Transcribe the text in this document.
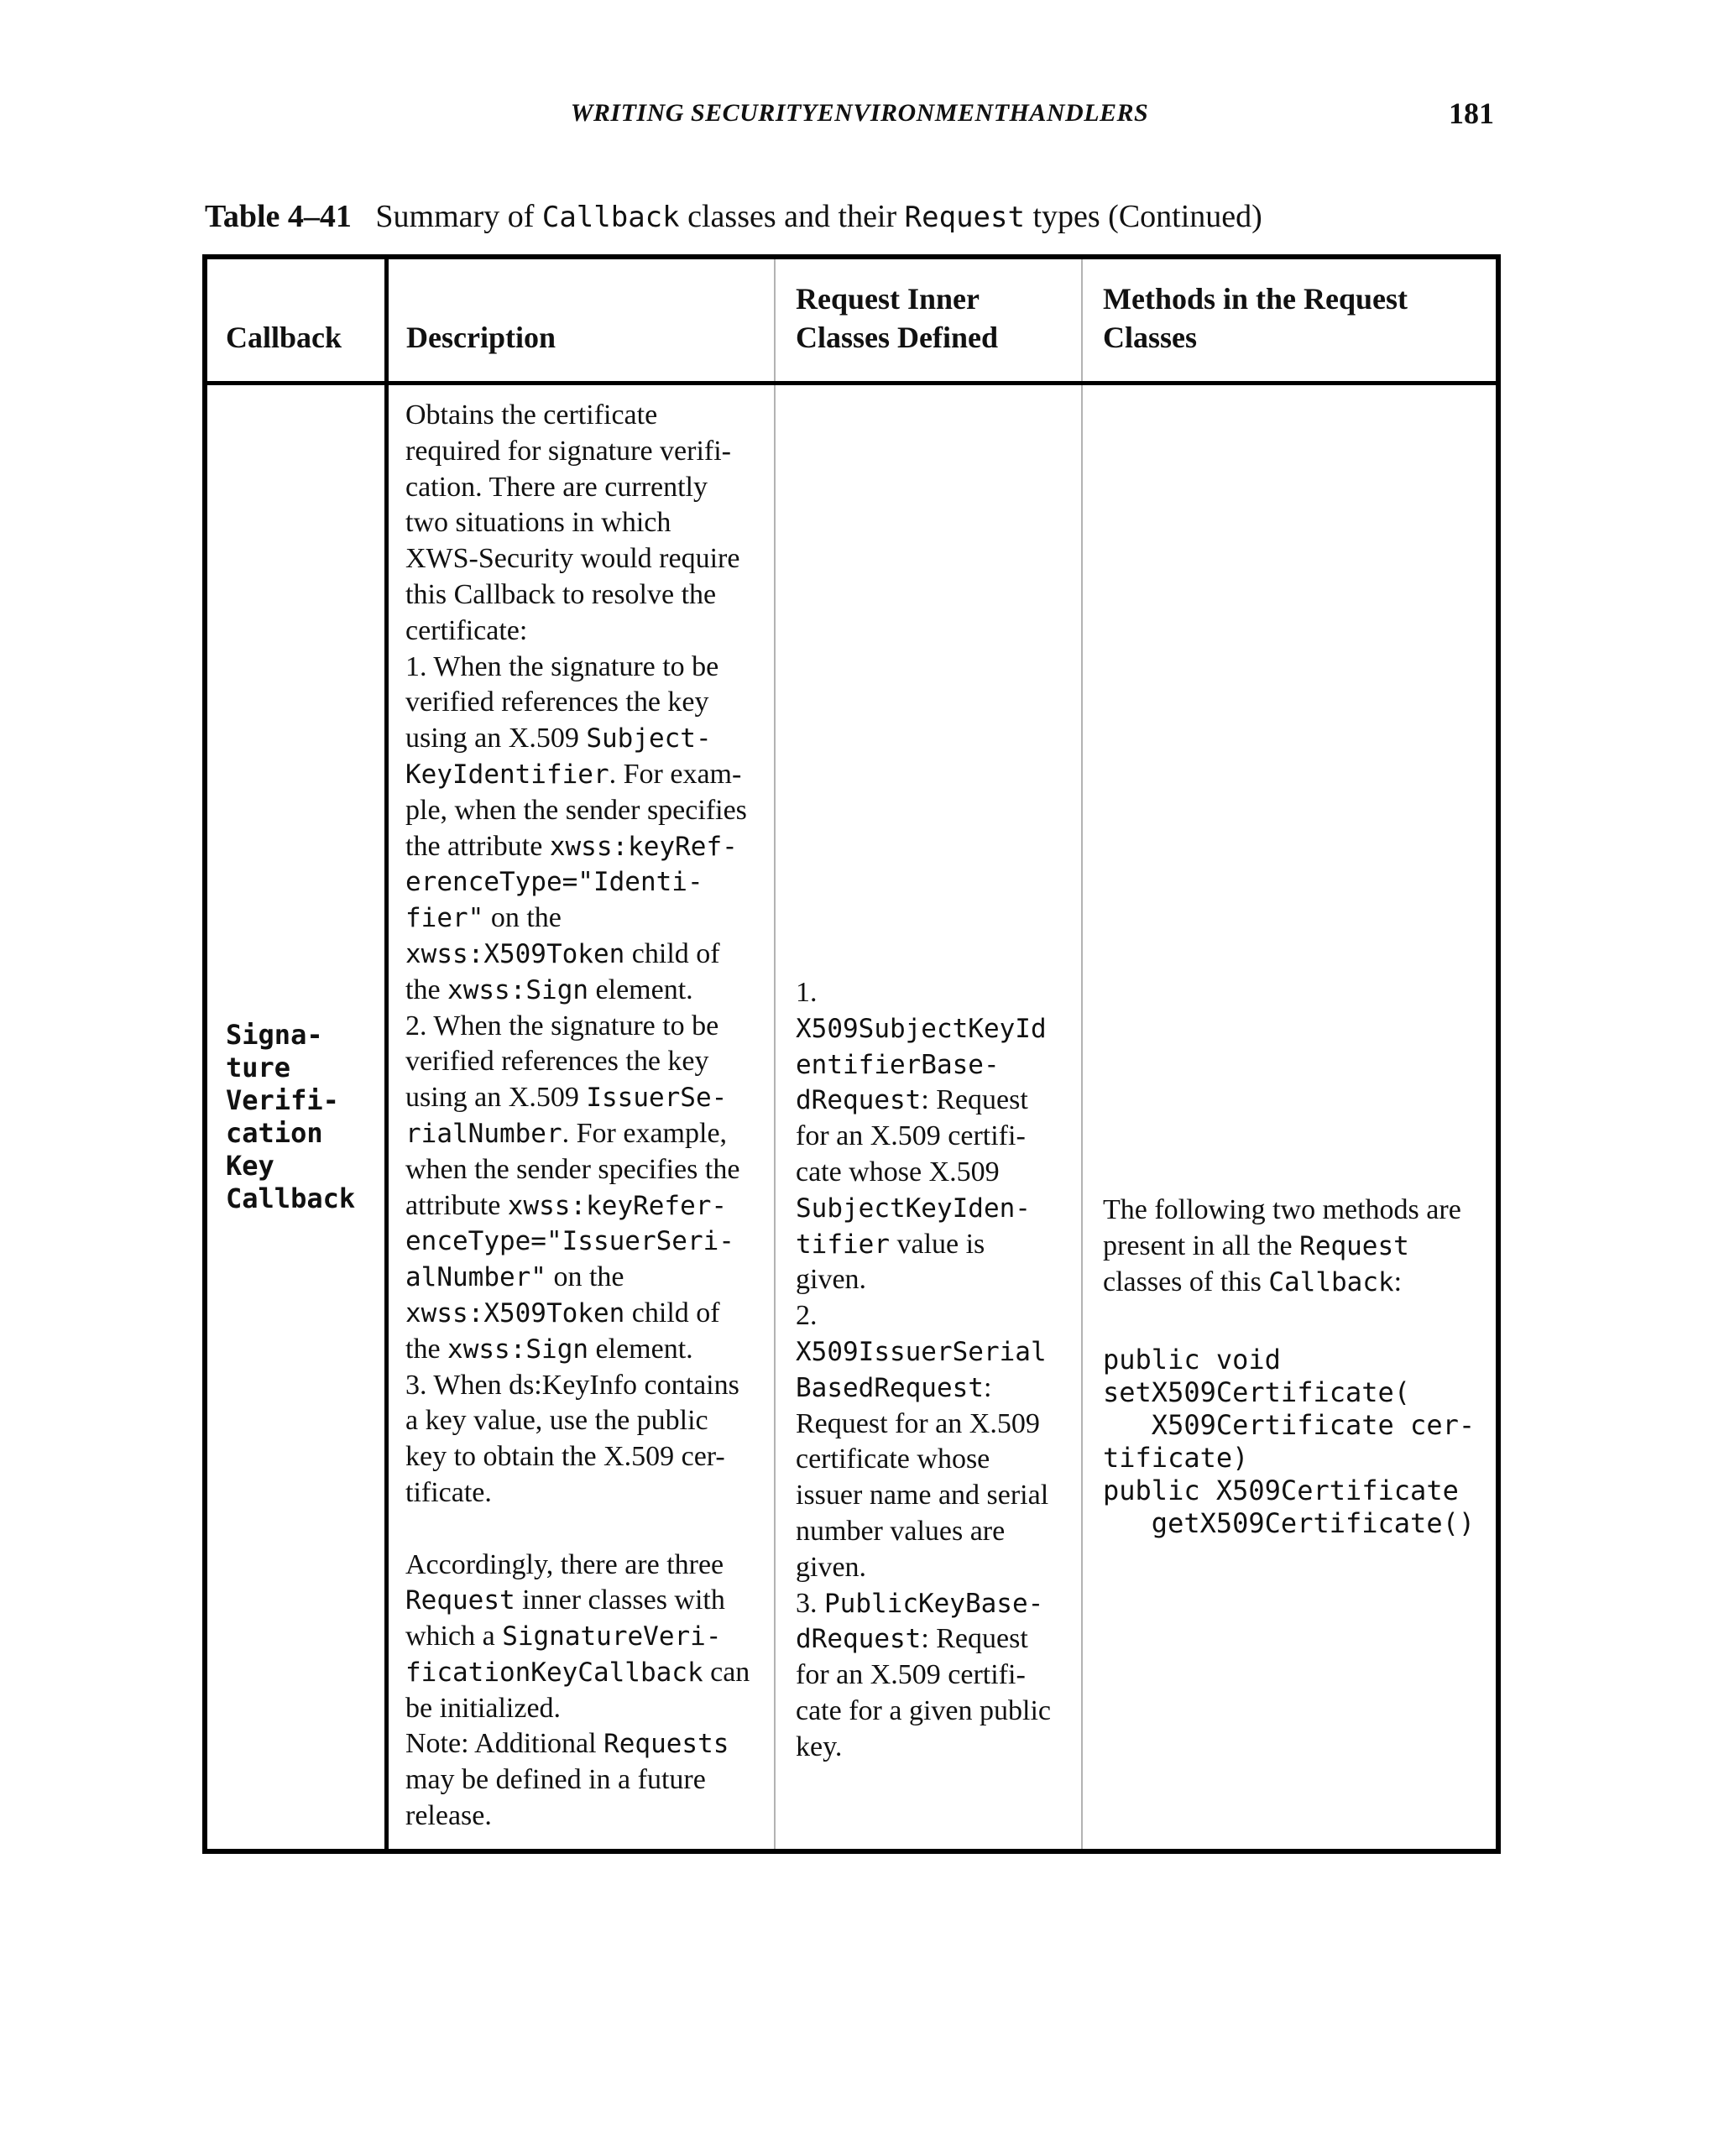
WRITING SECURITYENVIRONMENTHANDLERS	181
Table 4–41 Summary of Callback classes and their Request types (Continued)
Callback Description
Request Inner
Classes Defined
Methods in the Request
Classes
Signa-
ture
Verifi-
cation
Key
Callback
Obtains the certificate
required for signature verifi-
cation. There are currently
two situations in which
XWS-Security would require
this Callback to resolve the
certificate:
1. When the signature to be
verified references the key
using an X.509 Subject-
KeyIdentifier. For exam-
ple, when the sender specifies
the attribute xwss:keyRef-
erenceType="Identi-
fier" on the
xwss:X509Token child of
the xwss:Sign element.
2. When the signature to be
verified references the key
using an X.509 IssuerSe-
rialNumber. For example,
when the sender specifies the
attribute xwss:keyRefer-
enceType="IssuerSeri-
alNumber" on the
xwss:X509Token child of
the xwss:Sign element.
3. When ds:KeyInfo contains
a key value, use the public
key to obtain the X.509 cer-
tificate.

Accordingly, there are three
Request inner classes with
which a SignatureVeri-
ficationKeyCallback can
be initialized.
Note: Additional Requests
may be defined in a future
release.
1.
X509SubjectKeyId
entifierBase-
dRequest: Request
for an X.509 certifi-
cate whose X.509
SubjectKeyIden-
tifier value is
given.
2.
X509IssuerSerial
BasedRequest:
Request for an X.509
certificate whose
issuer name and serial
number values are
given.
3. PublicKeyBase-
dRequest: Request
for an X.509 certifi-
cate for a given public
key.
The following two methods are
present in all the Request
classes of this Callback:
public void
setX509Certificate(
X509Certificate cer-
tificate)
public X509Certificate
getX509Certificate()
